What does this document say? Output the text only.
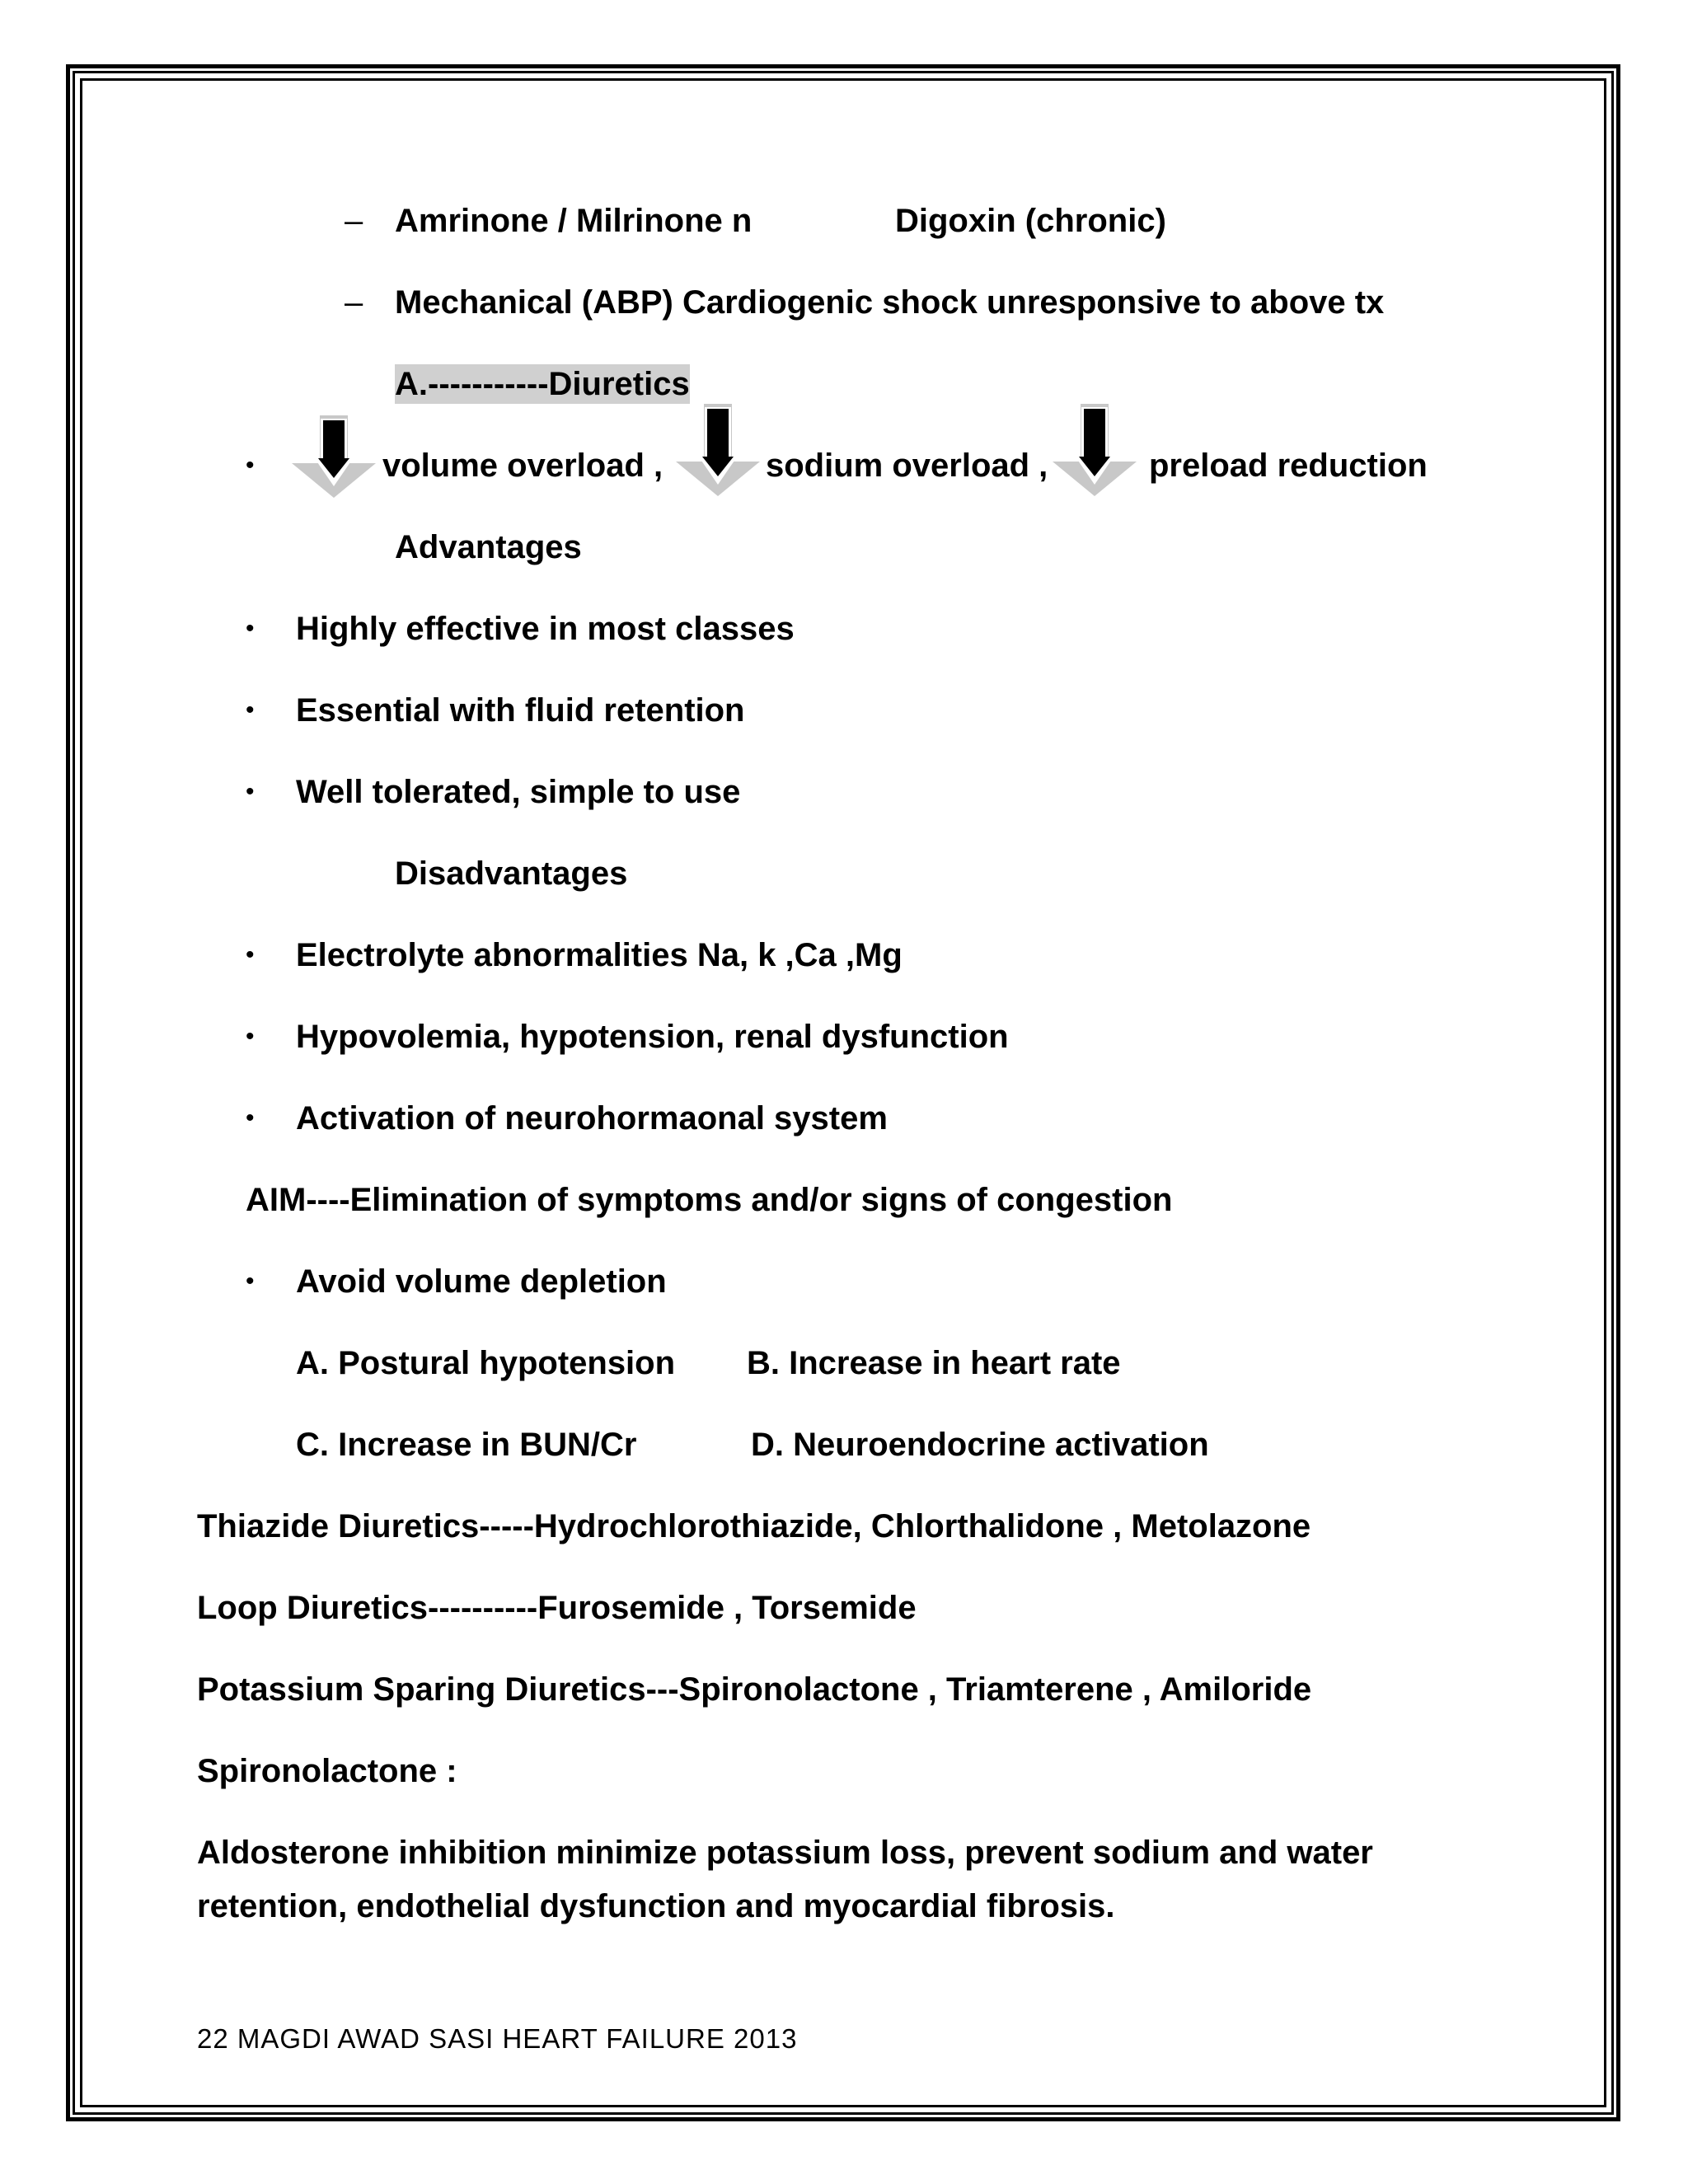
– Amrinone / Milrinone n	Digoxin (chronic)
– Mechanical (ABP) Cardiogenic shock unresponsive to above tx
A.-----------Diuretics
•	volume overload ,	sodium overload ,	preload reduction
Advantages
• Highly effective in most classes
• Essential with fluid retention
• Well tolerated, simple to use
Disadvantages
• Electrolyte abnormalities Na, k ,Ca ,Mg
• Hypovolemia, hypotension, renal dysfunction
• Activation of neurohormaonal system
AIM----Elimination of symptoms and/or signs of congestion
• Avoid volume depletion
A. Postural hypotension B. Increase in heart rate
C. Increase in BUN/Cr	D. Neuroendocrine activation
Thiazide Diuretics-----Hydrochlorothiazide, Chlorthalidone , Metolazone
Loop Diuretics----------Furosemide , Torsemide
Potassium Sparing Diuretics---Spironolactone , Triamterene , Amiloride
Spironolactone :
Aldosterone inhibition minimize potassium loss, prevent sodium and water
retention, endothelial dysfunction and myocardial fibrosis.
22 MAGDI AWAD SASI HEART FAILURE 2013
